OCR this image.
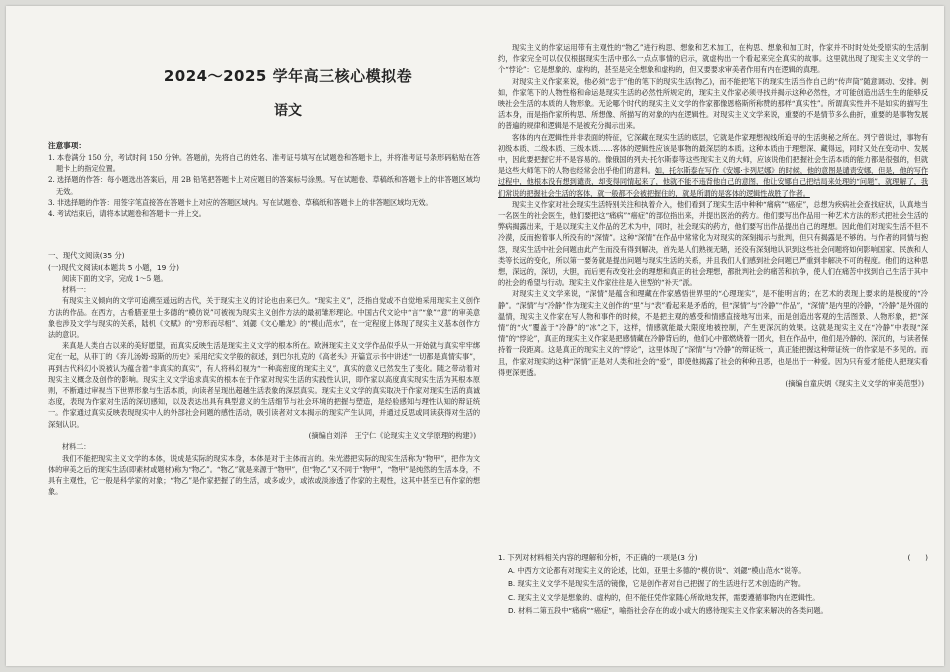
2024～2025 学年高三核心模拟卷
语文

注意事项：

1. 本卷满分 150 分，考试时间 150 分钟。答题前，先将自己的姓名、准考证号填写在试题卷和答题卡上，并将准考证号条形码粘贴在答题卡上的指定位置。

2. 选择题的作答：每小题选出答案后，用 2B 铅笔把答题卡上对应题目的答案标号涂黑。写在试题卷、草稿纸和答题卡上的非答题区域均无效。

3. 非选择题的作答：用签字笔直接答在答题卡上对应的答题区域内。写在试题卷、草稿纸和答题卡上的非答题区域均无效。

4. 考试结束后，请将本试题卷和答题卡一并上交。

一、现代文阅读(35 分)

(一)现代文阅读Ⅰ(本题共 5 小题，19 分)

阅读下面的文字，完成 1～5 题。

材料一：

有现实主义倾向的文学可追溯至遥远的古代，关于现实主义的讨论也由来已久。“现实主义”，泛指自觉或不自觉地采用现实主义创作方法的作品。在西方，古希腊亚里士多德的“模仿说”可被视为现实主义创作方法的最初雏形理论。中国古代文论中“言”“象”“意”的审美意象也涉及文学与现实的关系，陆机《文赋》的“穷形而尽相”、刘勰《文心雕龙》的“模山范水”，在一定程度上体现了现实主义基本创作方法的意识。

来真是人类自古以来的美好愿望，而真实反映生活是现实主义文学的根本所在。欧洲现实主义文学作品似乎从一开始就与真实牢牢绑定在一起，从菲丁的《弃儿汤姆·琼斯的历史》采用纪实文学般的叙述，到巴尔扎克的《高老头》开篇宣示书中讲述“一切都是真情实事”，再到古代科幻小说被认为蕴含着“非真实的真实”，有人将科幻视为“一种高密度的现实主义”，真实的意义已然发生了变化。随之带动着对现实主义概念及创作的影响。现实主义文学追求真实的根本在于作家对现实生活的实践性认识，即作家以高度真实现实生活为其根本原则，不断通过审视当下世界形象与生活本质，向读者呈现出超越生活表象的深层真实。现实主义文学的真实取决于作家对现实生活的真诚态度，表现为作家对生活的深切感知，以及表达出具有典型意义的生活细节与社会环境的把握与塑造，是经验感知与理性认知的辩证统一。作家通过真实反映表现现实中人的外部社会问题的感性活动，吸引读者对文本揭示的现实产生认同，并通过反思或同读获得对生活的深刻认识。

(摘编自刘洋　王宁仁《论现实主义文学原理的构建》)

材料二：

我们不能把现实主义文学的本体，说成是实际的现实本身，本体是对于主体而言的。朱光潜把实际的现实生活称为“物甲”，把作为文体的审美之后的现实生活(即素材或题材)称为“物乙”。“物乙”就是来源于“物甲”，但“物乙”又不同于“物甲”，“物甲”是纯然的生活本身，不具有主观性，它一般是科学家的对象；“物乙”是作家把握了的生活，或多或少，或浓或淡渗透了作家的主观性，这其中甚至已有作家的想象。

现实主义的作家运用带有主观性的“物乙”进行构思、想象和艺术加工，在构思、想象和加工时，作家并不时时处处受原实的生活制约，作家完全可以仅仅根据现实生活中那么一点点事情的启示，就虚构出一个看起来完全真实的故事。这里就出现了现实主义文学的一个“悖论”：它是想象的、虚构的，甚至是完全想象和虚构的，但又要要求审美者作用有内在逻辑的真理。

对现实主义作家来说，他必须“忠于”他的笔下的现实生活(物乙)，而不能把笔下的现实生活当作自己的“传声筒”随意调动、安排。例如，作家笔下的人物性格和命运是现实生活的必然性所规定的，现实主义作家必须寻找并揭示这种必然性，才可能创造出活生生的能够反映社会生活的本质的人物形象。无论哪个时代的现实主义文学的作家都像恩格斯所称赞的那样“真实性”。所谓真实性并不是如实的描写生活本身，而是指作家所构思、所想像、所描写的对象的内在逻辑性。对现实主义文学来说，重要的不是情节多么曲折，重要的是事物发展的普遍的规律和逻辑是不是被充分揭示出来。

客体的内在逻辑性并非表面的特征，它深藏在现实生活的底层，它就是作家理想视线所追寻的生活奥秘之所在。列宁曾说过，事物有初级本质、二级本质、三级本质……客体的逻辑性应该是事物的最深层的本质。这种本质由于理想深、藏得远，同时又处在变动中、发展中，因此要把握它并不是容易的。像俄国的列夫·托尔斯泰等这些现实主义的大师，应该说他们把握社会生活本质的能力都是很强的，但就是这些大师笔下的人物也经常会出乎他们的意料。如，托尔斯泰在写作《安娜·卡列尼娜》的时候，他的意图是谴责安娜，但是，他的写作过程中，他根本没有想到谴责，却变得同情起来了，他就不能不违背他自己的意图，他让安娜自己把结局来处理的“问题”，就理解了，我们常说的把握社会生活的客体，就一般都不会被把握住的，就是所谓的是客体的逻辑性战胜了作者。

现实主义作家对社会现实生活特别关注和执着介入，他们看到了现实生活中种种“痛病”“癌症”，总想为疾病社会查找症状，认真地当一名医生的社会医生，他们要把这“痛病”“癌症”的部位指出来，并提出医治的药方。他们要写出作品用一种艺术方法的形式把社会生活的弊病揭露出来，于是以现实主义作品的艺术为中，同时，社会现实的药方，他们要写出作品提出自己的理想。因此他们对现实生活不但不冷漠，反而抱着事人所没有的“深情”。这种“深情”在作品中常常化为对现实的深刻揭示与批判，但只有揭露是不够的。与作者的同情与抱怨，现实生活中社会问题由此产生而没有得到解决，首先是人们熟视无睹，还没有深刻地认识到这些社会问题将如何影响国家、民族和人类等长远的变化，所以第一要务就是提出问题与现实生活的关系，并且我们人们感到社会问题已严重到非解决不可的程度。他们的这种思想，深远的，深切，大胆，而后更有改变社会的理想和真正的社会理想，都批判社会的痛苦和抗争，使人们在痛苦中找到自己生活于其中的社会的希望与行动。现实主义作家往往是入世型的“补天”派。

对现实主义文学来说，“深情”是蕴含和理藏在作家感悟世界里的“心理现实”，是不能明言的；在艺术的表现上要求的是极度的“冷静”。“深情”与“冷静”作为现实主义创作的“里”与“表”看起来是矛盾的，但“深情”与“冷静”“作品”，“深情”是内里的冷静，“冷静”是外面的温情，现实主义作家在写人物和事件的时候，不是把主观的感受和情感直接地写出来，而是创造出客观的生活图景、人物形象，把“深情”的“火”覆盖于“冷静”的“冰”之下，这样，情感就能最大限度地被控制，产生更深沉的效果。这就是现实主义在“冷静”中表现“深情”的“悖论”，真正的现实主义作家是把感情藏在冷静背后的，他们心中都燃烧着一团火，但在作品中，他们是冷静的、深沉的，与读者保持着一段距离。这是真正的现实主义的“悖论”，这里体现了“深情”与“冷静”的辩证统一，真正能把握这种辩证统一的作家是不多见的。而且，作家对现实的这种“深情”正是对人类和社会的“爱”，即使他揭露了社会的种种丑恶，也是出于一种爱。因为只有爱才能使人把现实看得更深更透。

(摘编自童庆炳《现实主义文学的审美范型》)

1. 下列对材料相关内容的理解和分析，不正确的一项是(3 分)	(　　)

A. 中西方文论都有对现实主义的论述，比如，亚里士多德的“模仿说”、刘勰“模山范水”说等。

B. 现实主义文学不是现实生活的镜像，它是创作者对自己把握了的生活进行艺术创造的产物。

C. 现实主义文学是想象的、虚构的，但不能任凭作家随心所欲地发挥，需要遵循事物内在逻辑性。

D. 材料二第五段中“痛病”“癌症”，喻指社会存在的或小或大的感待现实主义作家来解决的各类问题。
